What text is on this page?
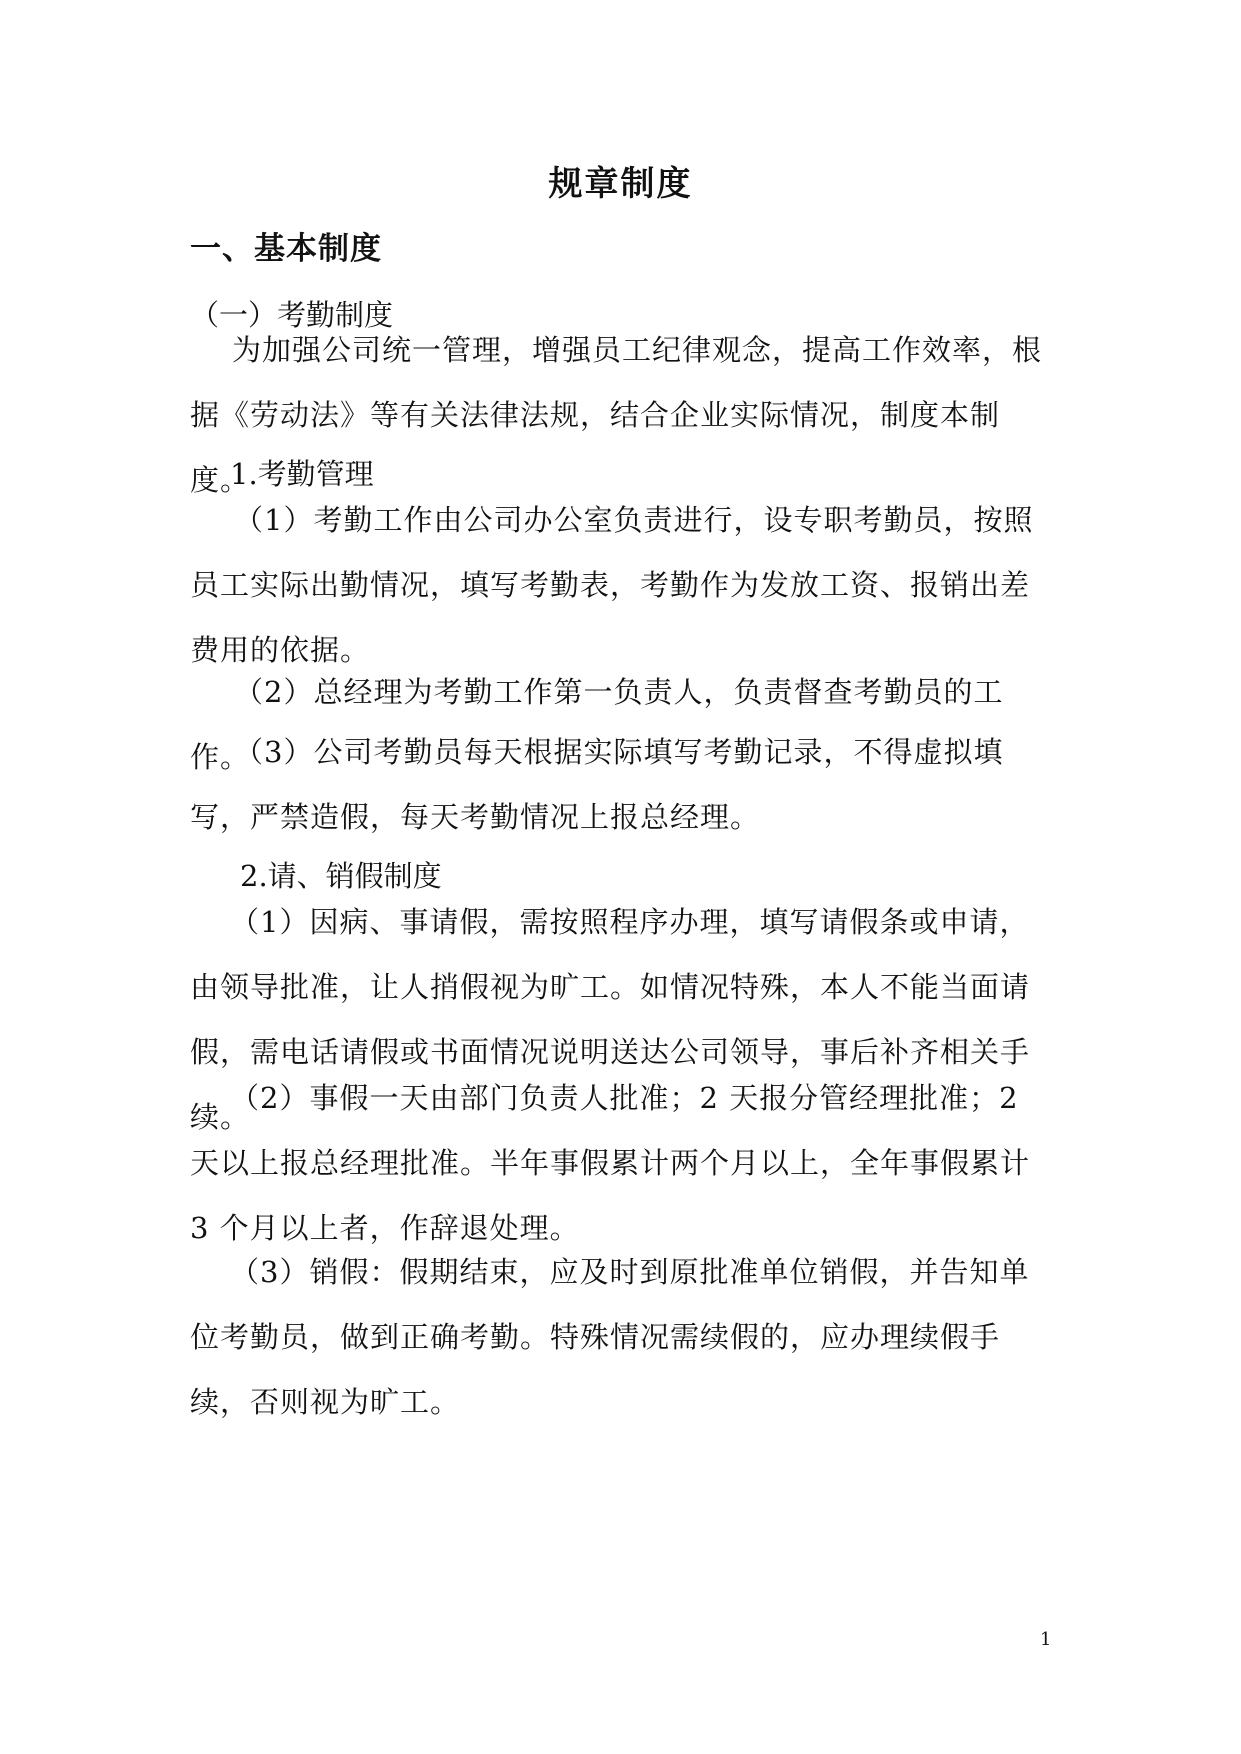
规章制度
一、基本制度
（一）考勤制度
为加强公司统一管理，增强员工纪律观念，提高工作效率，根据《劳动法》等有关法律法规，结合企业实际情况，制度本制度。
1.考勤管理
（1）考勤工作由公司办公室负责进行，设专职考勤员，按照员工实际出勤情况，填写考勤表，考勤作为发放工资、报销出差费用的依据。
（2）总经理为考勤工作第一负责人，负责督查考勤员的工作。
（3）公司考勤员每天根据实际填写考勤记录，不得虚拟填写，严禁造假，每天考勤情况上报总经理。
2.请、销假制度
（1）因病、事请假，需按照程序办理，填写请假条或申请，由领导批准，让人捎假视为旷工。如情况特殊，本人不能当面请假，需电话请假或书面情况说明送达公司领导，事后补齐相关手续。
（2）事假一天由部门负责人批准；2 天报分管经理批准；2 天以上报总经理批准。半年事假累计两个月以上，全年事假累计 3 个月以上者，作辞退处理。
（3）销假：假期结束，应及时到原批准单位销假，并告知单位考勤员，做到正确考勤。特殊情况需续假的，应办理续假手续，否则视为旷工。
1
